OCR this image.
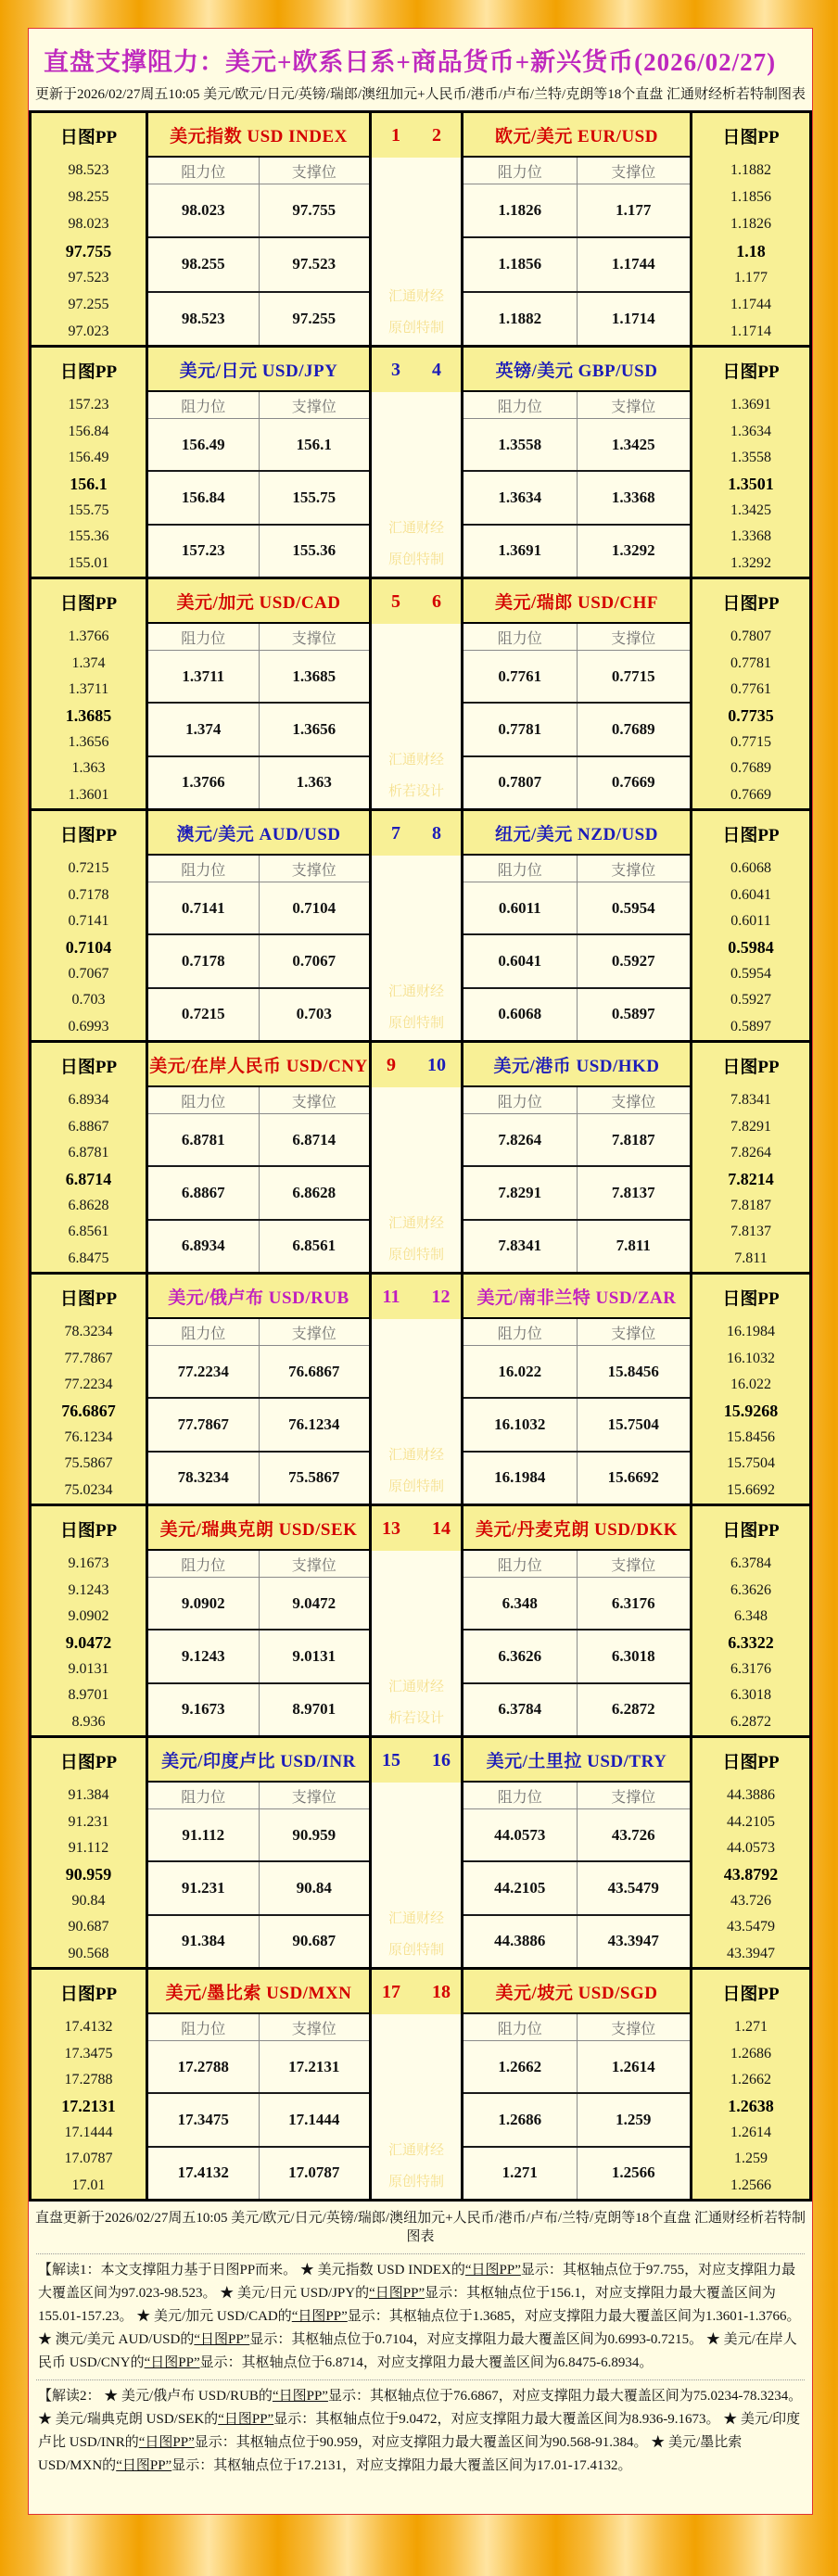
直盘支撑阻力：美元+欧系日系+商品货币+新兴货币(2026/02/27)
更新于2026/02/27周五10:05 美元/欧元/日元/英镑/瑞郎/澳纽加元+人民币/港币/卢布/兰特/克朗等18个直盘 汇通财经析若特制图表
日图PP
98.523
98.255
98.023
97.755
97.523
97.255
97.023
美元指数 USD INDEX
阻力位	支撑位
98.023	97.755
98.255	97.523
98.523	97.255
1 2
汇通财经
原创特制
欧元/美元 EUR/USD
阻力位	支撑位
1.1826	1.177
1.1856	1.1744
1.1882	1.1714
日图PP
1.1882
1.1856
1.1826
1.18
1.177
1.1744
1.1714
日图PP
157.23
156.84
156.49
156.1
155.75
155.36
155.01
美元/日元 USD/JPY
阻力位	支撑位
156.49	156.1
156.84	155.75
157.23	155.36
3 4
汇通财经
原创特制
英镑/美元 GBP/USD
阻力位	支撑位
1.3558	1.3425
1.3634	1.3368
1.3691	1.3292
日图PP
1.3691
1.3634
1.3558
1.3501
1.3425
1.3368
1.3292
日图PP
1.3766
1.374
1.3711
1.3685
1.3656
1.363
1.3601
美元/加元 USD/CAD
阻力位	支撑位
1.3711	1.3685
1.374	1.3656
1.3766	1.363
5 6
汇通财经
析若设计
美元/瑞郎 USD/CHF
阻力位	支撑位
0.7761	0.7715
0.7781	0.7689
0.7807	0.7669
日图PP
0.7807
0.7781
0.7761
0.7735
0.7715
0.7689
0.7669
日图PP
0.7215
0.7178
0.7141
0.7104
0.7067
0.703
0.6993
澳元/美元 AUD/USD
阻力位	支撑位
0.7141	0.7104
0.7178	0.7067
0.7215	0.703
7 8
汇通财经
原创特制
纽元/美元 NZD/USD
阻力位	支撑位
0.6011	0.5954
0.6041	0.5927
0.6068	0.5897
日图PP
0.6068
0.6041
0.6011
0.5984
0.5954
0.5927
0.5897
日图PP
6.8934
6.8867
6.8781
6.8714
6.8628
6.8561
6.8475
美元/在岸人民币 USD/CNY
阻力位	支撑位
6.8781	6.8714
6.8867	6.8628
6.8934	6.8561
9 10
汇通财经
原创特制
美元/港币 USD/HKD
阻力位	支撑位
7.8264	7.8187
7.8291	7.8137
7.8341	7.811
日图PP
7.8341
7.8291
7.8264
7.8214
7.8187
7.8137
7.811
日图PP
78.3234
77.7867
77.2234
76.6867
76.1234
75.5867
75.0234
美元/俄卢布 USD/RUB
阻力位	支撑位
77.2234	76.6867
77.7867	76.1234
78.3234	75.5867
11 12
汇通财经
原创特制
美元/南非兰特 USD/ZAR
阻力位	支撑位
16.022	15.8456
16.1032	15.7504
16.1984	15.6692
日图PP
16.1984
16.1032
16.022
15.9268
15.8456
15.7504
15.6692
日图PP
9.1673
9.1243
9.0902
9.0472
9.0131
8.9701
8.936
美元/瑞典克朗 USD/SEK
阻力位	支撑位
9.0902	9.0472
9.1243	9.0131
9.1673	8.9701
13 14
汇通财经
析若设计
美元/丹麦克朗 USD/DKK
阻力位	支撑位
6.348	6.3176
6.3626	6.3018
6.3784	6.2872
日图PP
6.3784
6.3626
6.348
6.3322
6.3176
6.3018
6.2872
日图PP
91.384
91.231
91.112
90.959
90.84
90.687
90.568
美元/印度卢比 USD/INR
阻力位	支撑位
91.112	90.959
91.231	90.84
91.384	90.687
15 16
汇通财经
原创特制
美元/土里拉 USD/TRY
阻力位	支撑位
44.0573	43.726
44.2105	43.5479
44.3886	43.3947
日图PP
44.3886
44.2105
44.0573
43.8792
43.726
43.5479
43.3947
日图PP
17.4132
17.3475
17.2788
17.2131
17.1444
17.0787
17.01
美元/墨比索 USD/MXN
阻力位	支撑位
17.2788	17.2131
17.3475	17.1444
17.4132	17.0787
17 18
汇通财经
原创特制
美元/坡元 USD/SGD
阻力位	支撑位
1.2662	1.2614
1.2686	1.259
1.271	1.2566
日图PP
1.271
1.2686
1.2662
1.2638
1.2614
1.259
1.2566
直盘更新于2026/02/27周五10:05 美元/欧元/日元/英镑/瑞郎/澳纽加元+人民币/港币/卢布/兰特/克朗等18个直盘 汇通财经析若特制图表

【解读1：本文支撑阻力基于日图PP而来。 ★ 美元指数 USD INDEX的“日图PP”显示：其枢轴点位于97.755，对应支撑阻力最大覆盖区间为97.023-98.523。 ★ 美元/日元 USD/JPY的“日图PP”显示：其枢轴点位于156.1，对应支撑阻力最大覆盖区间为155.01-157.23。 ★ 美元/加元 USD/CAD的“日图PP”显示：其枢轴点位于1.3685，对应支撑阻力最大覆盖区间为1.3601-1.3766。 ★ 澳元/美元 AUD/USD的“日图PP”显示：其枢轴点位于0.7104，对应支撑阻力最大覆盖区间为0.6993-0.7215。 ★ 美元/在岸人民币 USD/CNY的“日图PP”显示：其枢轴点位于6.8714，对应支撑阻力最大覆盖区间为6.8475-6.8934。

【解读2： ★ 美元/俄卢布 USD/RUB的“日图PP”显示：其枢轴点位于76.6867，对应支撑阻力最大覆盖区间为75.0234-78.3234。 ★ 美元/瑞典克朗 USD/SEK的“日图PP”显示：其枢轴点位于9.0472，对应支撑阻力最大覆盖区间为8.936-9.1673。 ★ 美元/印度卢比 USD/INR的“日图PP”显示：其枢轴点位于90.959，对应支撑阻力最大覆盖区间为90.568-91.384。 ★ 美元/墨比索 USD/MXN的“日图PP”显示：其枢轴点位于17.2131，对应支撑阻力最大覆盖区间为17.01-17.4132。
